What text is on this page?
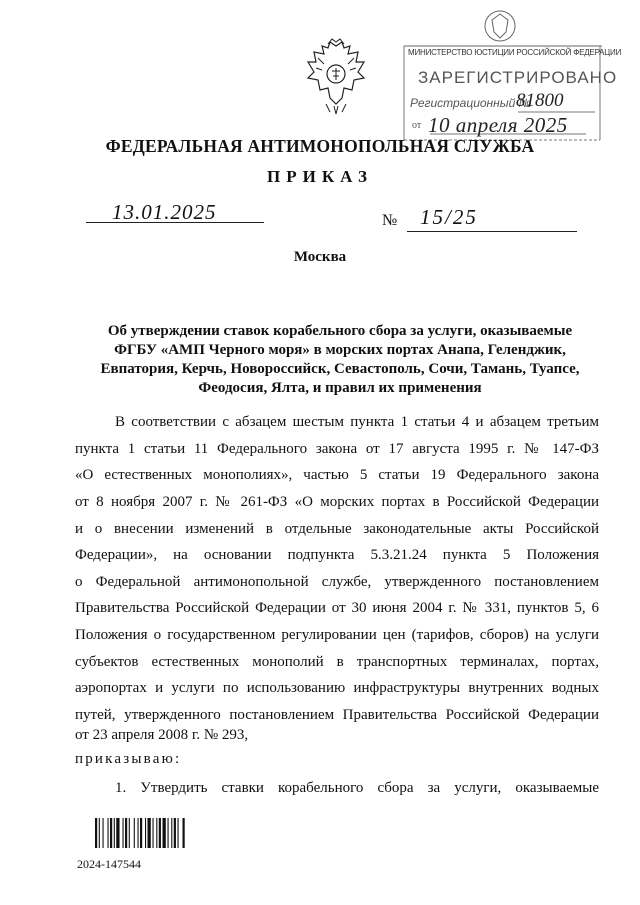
МИНИСТЕРСТВО ЮСТИЦИИ РОССИЙСКОЙ ФЕДЕРАЦИИ
ЗАРЕГИСТРИРОВАНО
Регистрационный №
81800
от 10 апреля 2025
ФЕДЕРАЛЬНАЯ АНТИМОНОПОЛЬНАЯ СЛУЖБА
ПРИКАЗ
13.01.2025	№ 15/25
Москва
Об утверждении ставок корабельного сбора за услуги, оказываемые ФГБУ «АМП Черного моря» в морских портах Анапа, Геленджик, Евпатория, Керчь, Новороссийск, Севастополь, Сочи, Тамань, Туапсе, Феодосия, Ялта, и правил их применения
В соответствии с абзацем шестым пункта 1 статьи 4 и абзацем третьим
пункта 1 статьи 11 Федерального закона от 17 августа 1995 г. № 147-ФЗ
«О естественных монополиях», частью 5 статьи 19 Федерального закона
от 8 ноября 2007 г. № 261-ФЗ «О морских портах в Российской Федерации
и о внесении изменений в отдельные законодательные акты Российской
Федерации», на основании подпункта 5.3.21.24 пункта 5 Положения
о Федеральной антимонопольной службе, утвержденного постановлением
Правительства Российской Федерации от 30 июня 2004 г. № 331, пунктов 5, 6
Положения о государственном регулировании цен (тарифов, сборов) на услуги
субъектов естественных монополий в транспортных терминалах, портах,
аэропортах и услуги по использованию инфраструктуры внутренних водных
путей, утвержденного постановлением Правительства Российской Федерации
от 23 апреля 2008 г. № 293,
приказываю:
1. Утвердить ставки корабельного сбора за услуги, оказываемые
2024-147544
